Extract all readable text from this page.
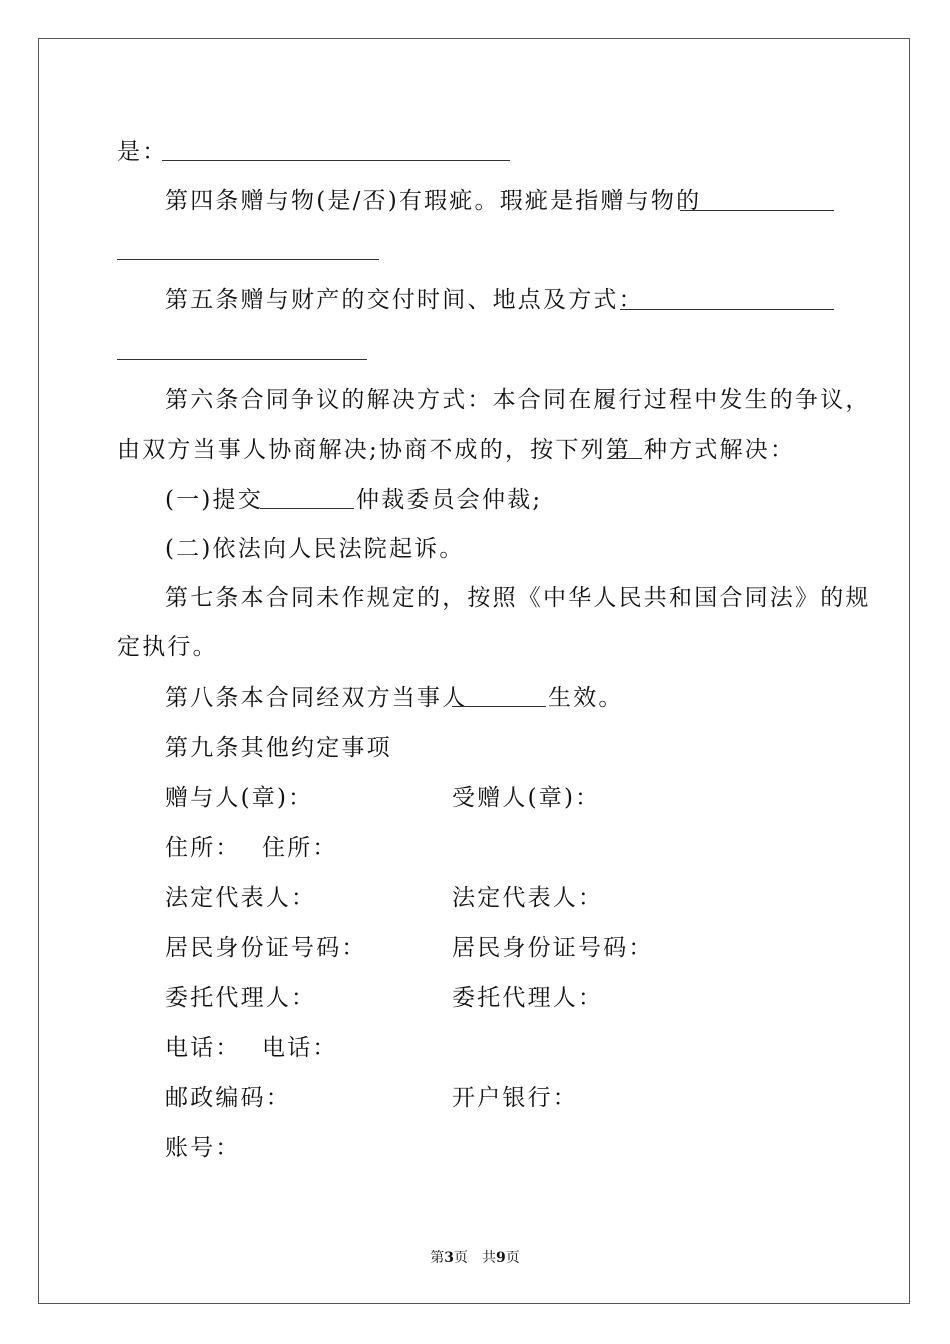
是：
第四条赠与物(是/否)有瑕疵。瑕疵是指赠与物的
第五条赠与财产的交付时间、地点及方式：
第六条合同争议的解决方式：本合同在履行过程中发生的争议，
由双方当事人协商解决;协商不成的，按下列第 种方式解决：
(一)提交	仲裁委员会仲裁;
(二)依法向人民法院起诉。
第七条本合同未作规定的，按照《中华人民共和国合同法》的规
定执行。
第八条本合同经双方当事人	生效。
第九条其他约定事项
赠与人(章)：	受赠人(章)：
住所： 住所：
法定代表人：	法定代表人：
居民身份证号码：	居民身份证号码：
委托代理人：	委托代理人：
电话： 电话：
邮政编码：	开户银行：
账号：
第3页　共9页
